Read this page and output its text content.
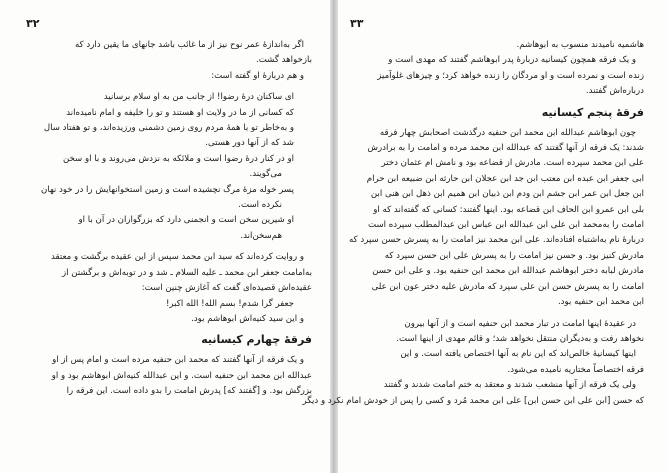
۳۲
اگر به‌اندازهٔ عمر نوح نیز از ما غائب باشد جانهای ما یقین دارد که
بازخواهد گشت.
و هم دربارهٔ او گفته است:
ای ساکنان درهٔ رضوا! از جانب من به او سلام برسانید
که کسانی از ما در ولایت او هستند و تو را خلیفه و امام نامیده‌اند
و به‌خاطر تو با همهٔ مردم روی زمین دشمنی ورزیده‌اند، و تو هفتاد سال
شد که از آنها دور هستی.
او در کنار درهٔ رضوا است و ملائکه به نزدش می‌روند و با او سخن
می‌گویند.
پسر خوله مزهٔ مرگ نچشیده است و زمین استخوانهایش را در خود نهان
نکرده است.
او شیرین سخن است و انجمنی دارد که بزرگواران در آن با او
هم‌سخن‌اند.
و روایت کرده‌اند که سید ابن محمد سپس از این عقیده برگشت و معتقد
به‌امامت جعفر ابن محمد ـ علیه السلام ـ شد و در توبه‌اش و برگشتن از
عقیده‌اش قصیده‌ای گفت که آغازش چنین است:
جعفر گرا شدم! بسم الله! الله اکبر!
و این سید کنیه‌اش ابوهاشم بود.
فرقهٔ چهارم کیسانیه
و یک فرقه از آنها گفتند که محمد ابن حنفیه مرده است و امام پس از او
عبدالله ابن محمد ابن حنفیه است. و این عبدالله کنیه‌اش ابوهاشم بود و او
بزرگش بود. و [گفتند که] پدرش امامت را بدو داده است. این فرقه را
۳۳
هاشمیه نامیدند منسوب به ابوهاشم.
و یک فرقه همچون کیسانیه دربارهٔ پدر ابوهاشم گفتند که مهدی است و
زنده است و نمرده است و او مردگان را زنده خواهد کرد؛ و چیزهای غلوآمیز
درباره‌اش گفتند.
فرقهٔ پنجم کیسانیه
چون ابوهاشم عبدالله ابن محمد ابن حنفیه درگذشت اصحابش چهار فرقه
شدند: یک فرقه از آنها گفتند که عبدالله ابن محمد مرده و امامت را به برادرش
علی ابن محمد سپرده است. مادرش از قضاعه بود و نامش ام عثمان دختر
ابی جعفر ابن عبده ابن معتب ابن جد ابن عجلان ابن حارثه ابن ضبیعه ابن حرام
ابن جعل ابن عمر ابن جشم ابن ودم ابن ذبیان ابن همیم ابن ذهل ابن هنی ابن
بلی ابن عمرو ابن الحاف ابن قضاعه بود. اینها گفتند: کسانی که گفته‌اند که او
امامت را به‌محمد ابن علی ابن عبدالله ابن عباس ابن عبدالمطلب سپرده است
دربارهٔ نام به‌اشتباه افتاده‌اند. علی ابن محمد نیز امامت را به پسرش حسن سپرد که
مادرش کنیز بود. و حسن نیز امامت را به پسرش علی ابن حسن سپرد که
مادرش لبابه دختر ابوهاشم عبدالله ابن محمد ابن حنفیه بود. و علی ابن حسن
امامت را به پسرش حسن ابن علی سپرد که مادرش علیه دختر عون ابن علی
ابن محمد ابن حنفیه بود.
در عقیدهٔ اینها امامت در تبار محمد ابن حنفیه است و از آنها بیرون
نخواهد رفت و به‌دیگران منتقل نخواهد شد؛ و قائم مهدی از اینها است.
اینها کیسانیهٔ خالص‌اند که این نام به آنها اختصاص یافته است. و این
فرقه اختصاصاً مختاریه نامیده می‌شود.
ولی یک فرقه از آنها منشعب شدند و معتقد به ختم امامت شدند و گفتند
که حسن [ابن علی ابن حسن ابن] علی ابن محمد مُرد و کسی را پس از خودش امام نکرد و دیگر
